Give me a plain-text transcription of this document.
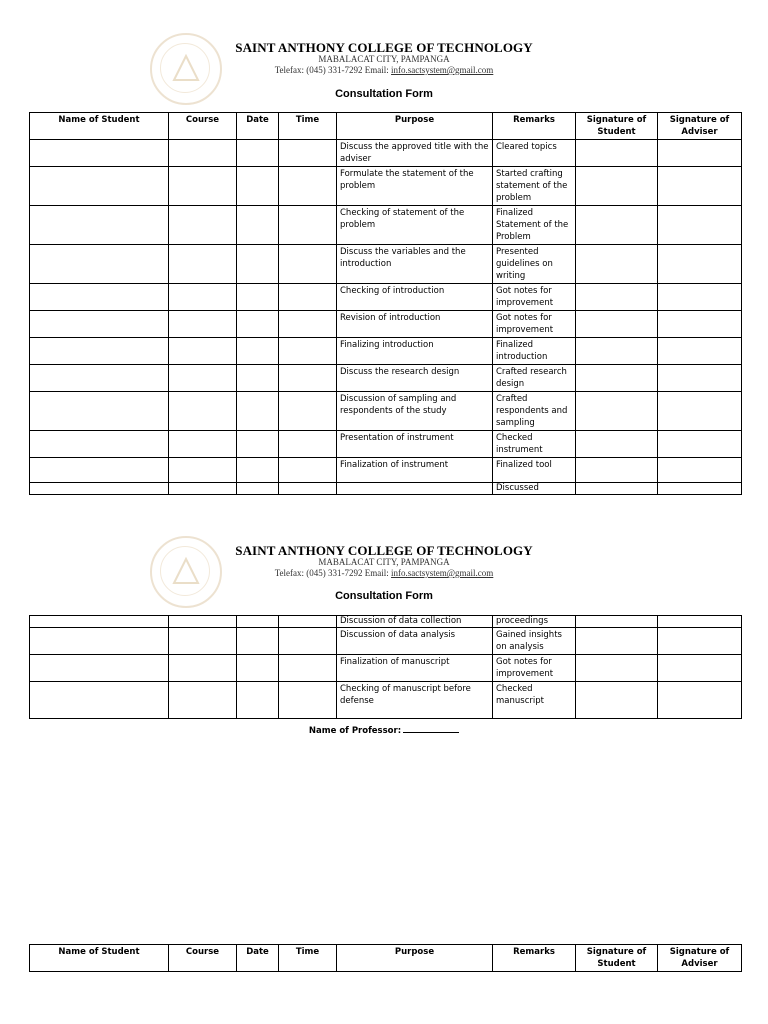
SAINT ANTHONY COLLEGE OF TECHNOLOGY
MABALACAT CITY, PAMPANGA
Telefax: (045) 331-7292 Email: info.sactsystem@gmail.com
Consultation Form
Name of Student	Course	Date	Time	Purpose	Remarks	Signature of Student	Signature of Adviser
				Discuss the approved title with the adviser	Cleared topics		
				Formulate the statement of the problem	Started crafting statement of the problem		
				Checking of statement of the problem	Finalized Statement of the Problem		
				Discuss the variables and the introduction	Presented guidelines on writing		
				Checking of introduction	Got notes for improvement		
				Revision of introduction	Got notes for improvement		
				Finalizing introduction	Finalized introduction		
				Discuss the research design	Crafted research design		
				Discussion of sampling and respondents of the study	Crafted respondents and sampling		
				Presentation of instrument	Checked instrument		
				Finalization of instrument	Finalized tool		
					Discussed		
SAINT ANTHONY COLLEGE OF TECHNOLOGY
MABALACAT CITY, PAMPANGA
Telefax: (045) 331-7292 Email: info.sactsystem@gmail.com
Consultation Form
				Discussion of data collection	proceedings		
				Discussion of data analysis	Gained insights on analysis		
				Finalization of manuscript	Got notes for improvement		
				Checking of manuscript before defense	Checked manuscript		
Name of Professor:
Name of Student	Course	Date	Time	Purpose	Remarks	Signature of Student	Signature of Adviser
